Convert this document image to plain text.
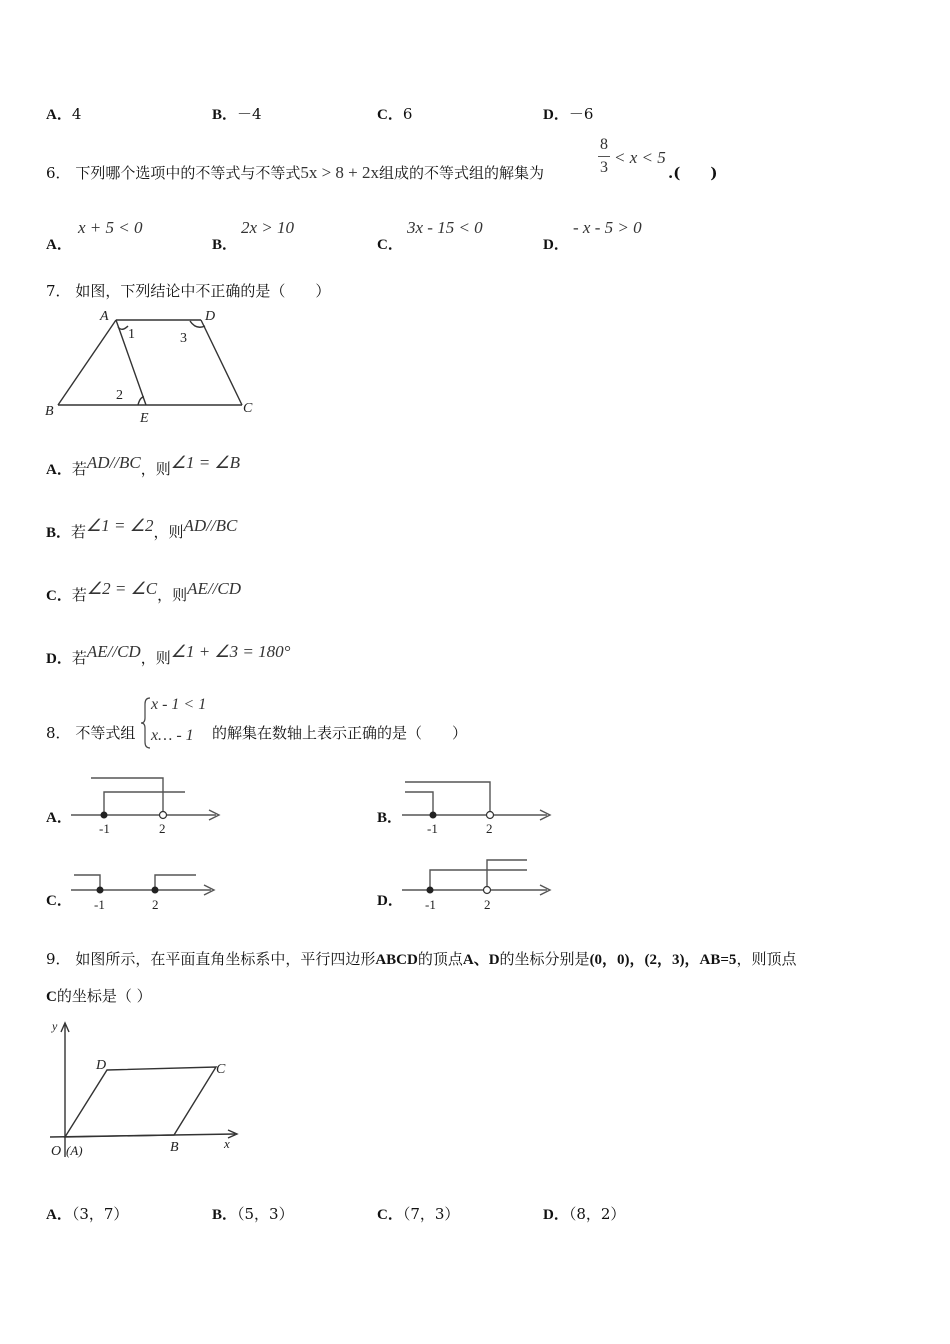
A．4	B．－4	C．6	D．－6
6． 下列哪个选项中的不等式与不等式5x > 8 + 2x组成的不等式组的解集为
8
3
< x < 5
.(　　)
A．
x + 5 < 0
B．
2x > 10
C．
3x - 15 < 0
D．
- x - 5 > 0
7． 如图，下列结论中不正确的是（　　）
A	D
B	E
C
1
2
3
A．若AD//BC，则∠1 = ∠B
B．若∠1 = ∠2，则AD//BC
C．若∠2 = ∠C，则AE//CD
D．若AE//CD，则∠1 + ∠3 = 180°
8． 不等式组
x - 1 < 1
x… - 1 的解集在数轴上表示正确的是（　　）
A．
-1	2
B．
-1	2
C． -1	2	D． -1	2
9． 如图所示，在平面直角坐标系中，平行四边形ABCD的顶点A、D的坐标分别是(0，0)，(2，3)，AB=5，则顶点
C的坐标是（ ）
y
x
D	C
B
O (A)
A．（3，7）	B．（5，3）	C．（7，3）	D．（8，2）
